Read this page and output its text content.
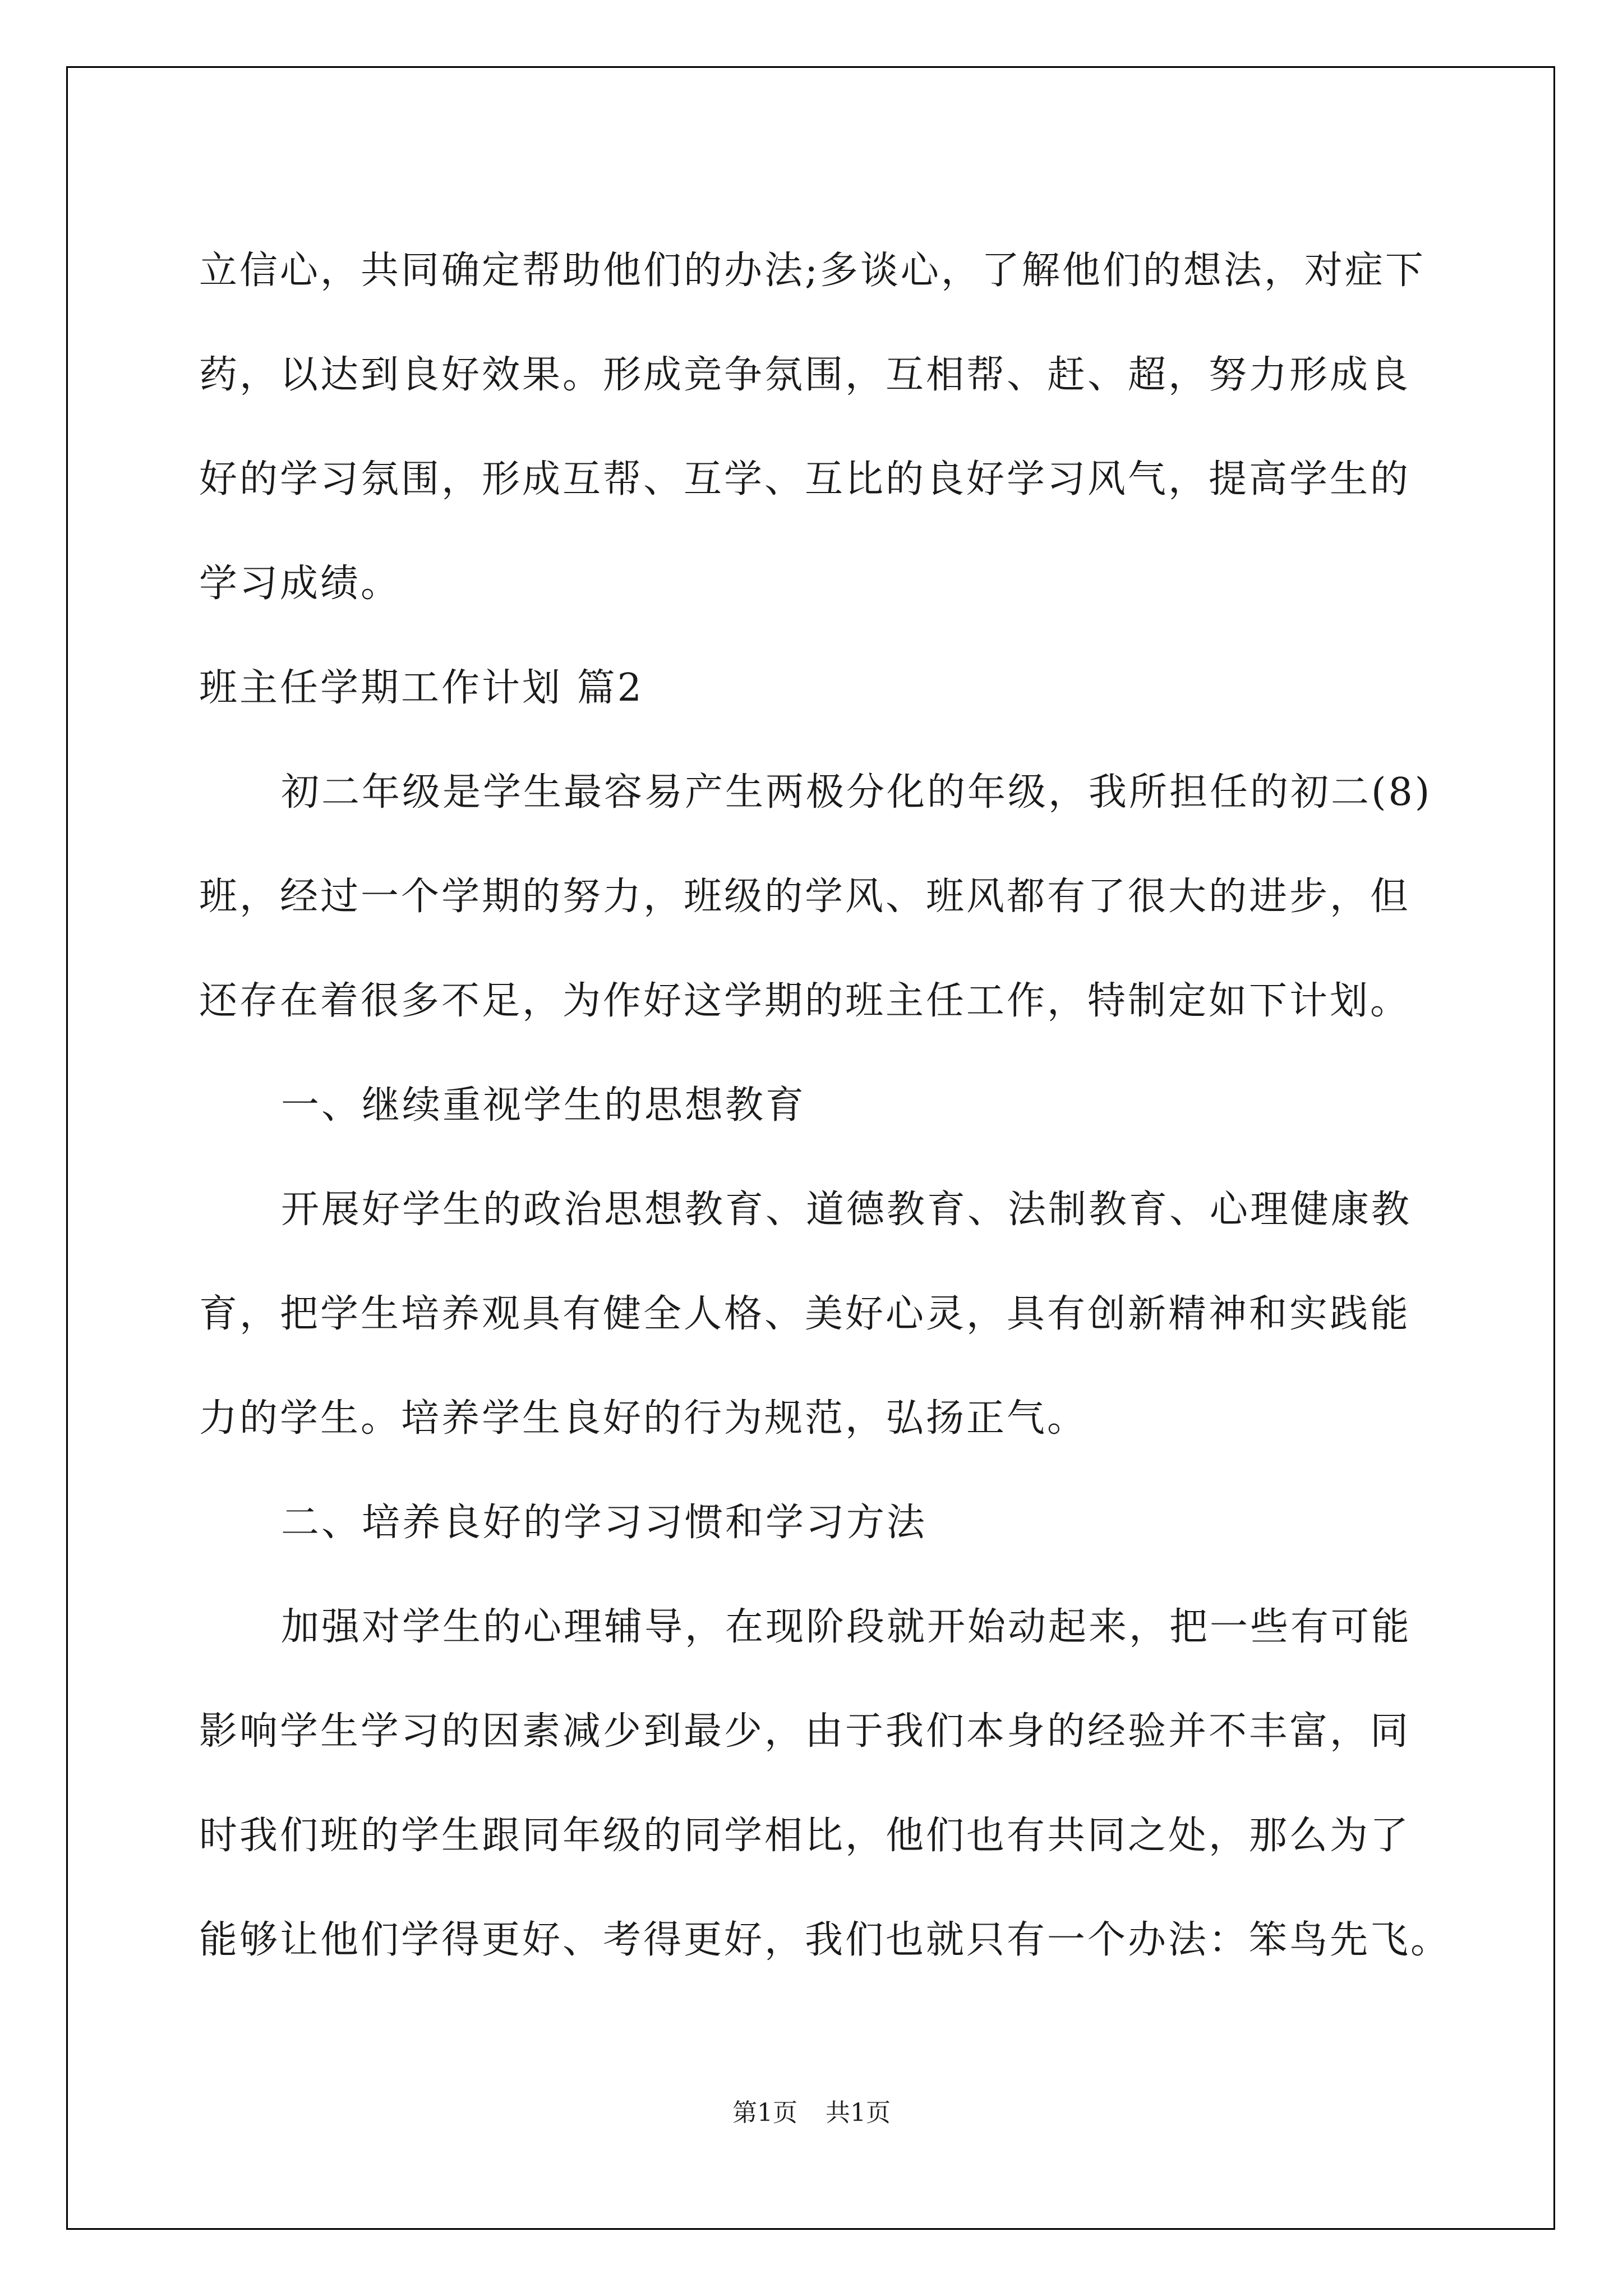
立信心，共同确定帮助他们的办法;多谈心，了解他们的想法，对症下
药，以达到良好效果。形成竞争氛围，互相帮、赶、超，努力形成良
好的学习氛围，形成互帮、互学、互比的良好学习风气，提高学生的
学习成绩。
班主任学期工作计划 篇2
初二年级是学生最容易产生两极分化的年级，我所担任的初二(8)
班，经过一个学期的努力，班级的学风、班风都有了很大的进步，但
还存在着很多不足，为作好这学期的班主任工作，特制定如下计划。
一、继续重视学生的思想教育
开展好学生的政治思想教育、道德教育、法制教育、心理健康教
育，把学生培养观具有健全人格、美好心灵，具有创新精神和实践能
力的学生。培养学生良好的行为规范，弘扬正气。
二、培养良好的学习习惯和学习方法
加强对学生的心理辅导，在现阶段就开始动起来，把一些有可能
影响学生学习的因素减少到最少，由于我们本身的经验并不丰富，同
时我们班的学生跟同年级的同学相比，他们也有共同之处，那么为了
能够让他们学得更好、考得更好，我们也就只有一个办法：笨鸟先飞。
第1页 共1页
